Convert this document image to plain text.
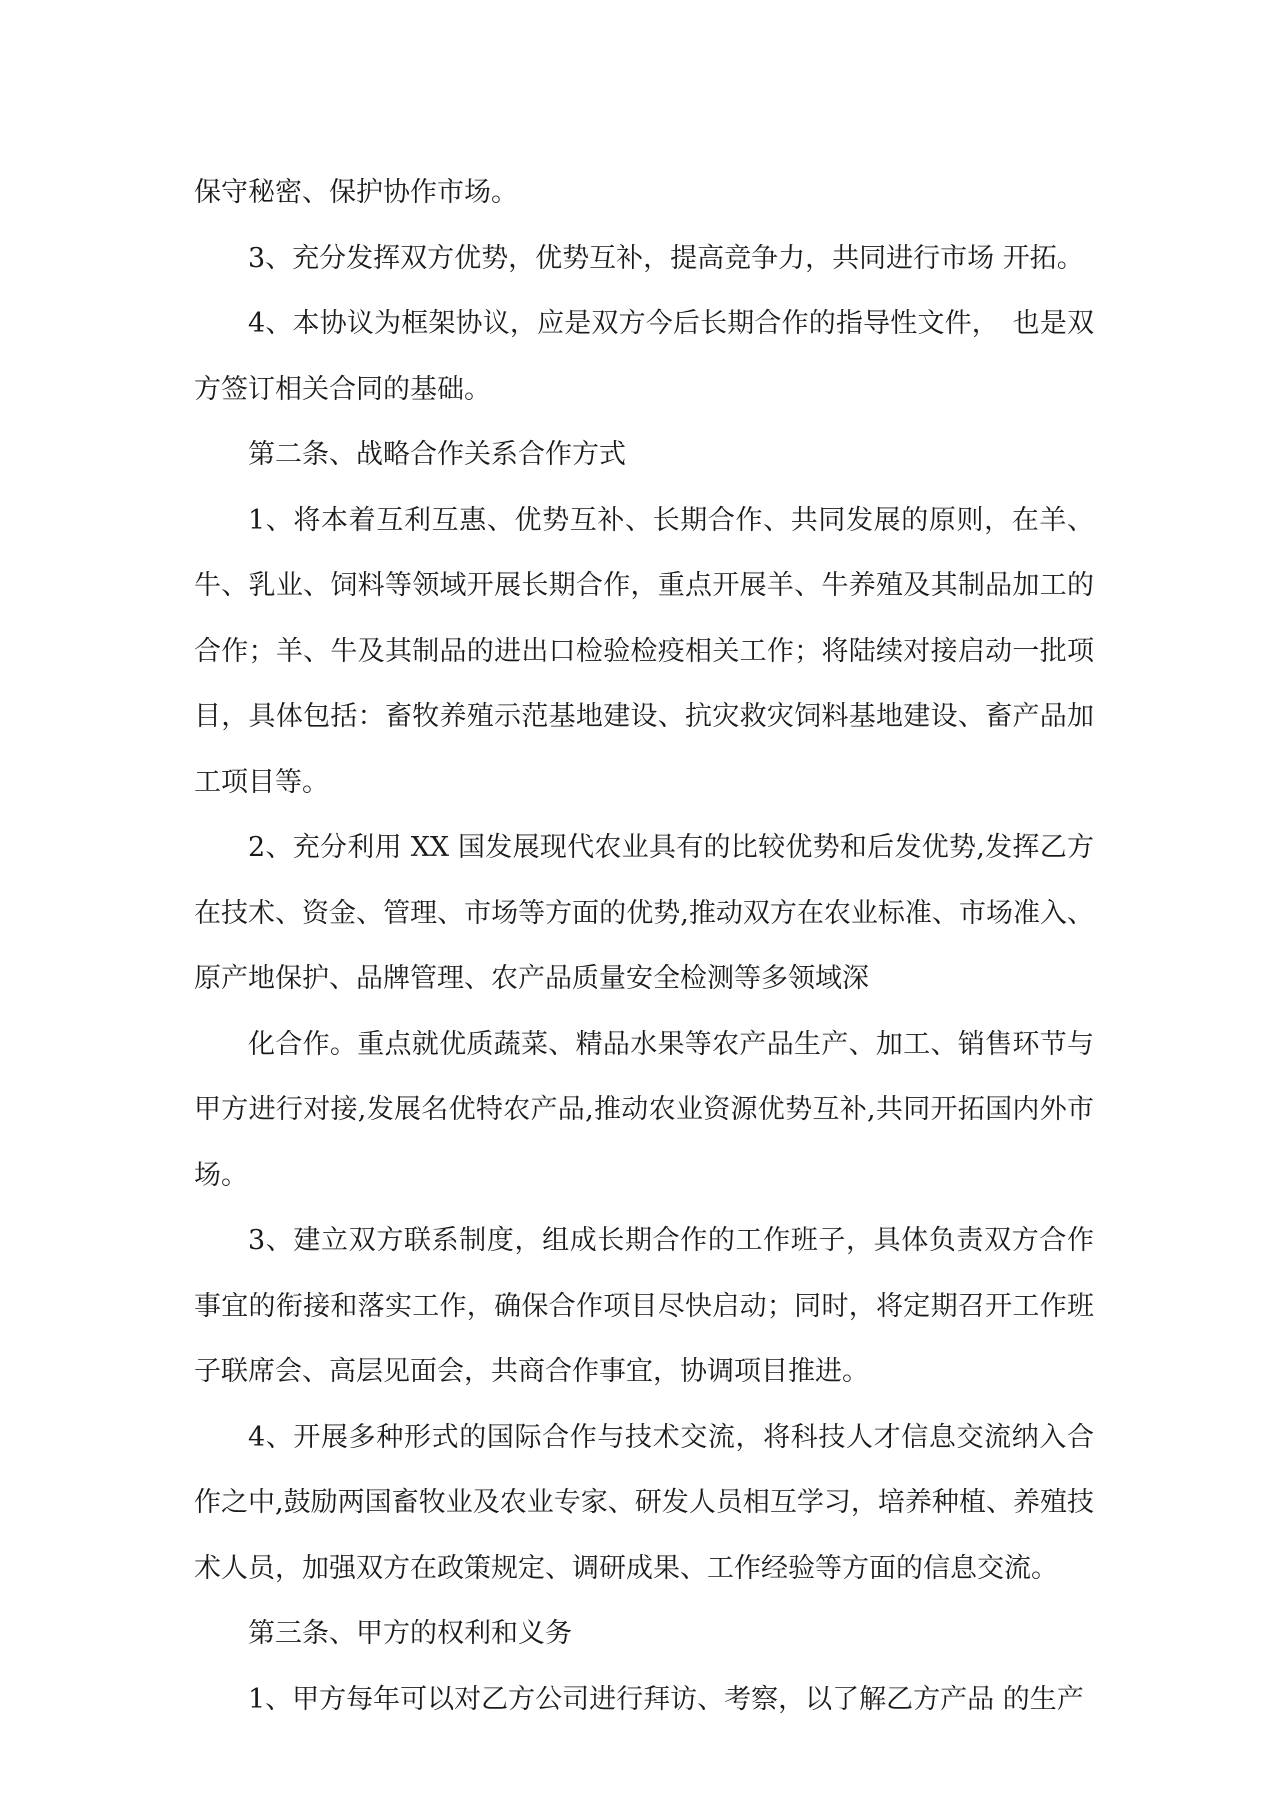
保守秘密、保护协作市场。

3、充分发挥双方优势，优势互补，提高竞争力，共同进行市场 开拓。

4、本协议为框架协议，应是双方今后长期合作的指导性文件，　也是双方签订相关合同的基础。

第二条、战略合作关系合作方式

1、将本着互利互惠、优势互补、长期合作、共同发展的原则，在羊、牛、乳业、饲料等领域开展长期合作，重点开展羊、牛养殖及其制品加工的合作；羊、牛及其制品的进出口检验检疫相关工作；将陆续对接启动一批项目，具体包括：畜牧养殖示范基地建设、抗灾救灾饲料基地建设、畜产品加工项目等。

2、充分利用 XX 国发展现代农业具有的比较优势和后发优势,发挥乙方在技术、资金、管理、市场等方面的优势,推动双方在农业标准、市场准入、原产地保护、品牌管理、农产品质量安全检测等多领域深

化合作。重点就优质蔬菜、精品水果等农产品生产、加工、销售环节与甲方进行对接,发展名优特农产品,推动农业资源优势互补,共同开拓国内外市场。

3、建立双方联系制度，组成长期合作的工作班子，具体负责双方合作事宜的衔接和落实工作，确保合作项目尽快启动；同时，将定期召开工作班子联席会、高层见面会，共商合作事宜，协调项目推进。

4、开展多种形式的国际合作与技术交流，将科技人才信息交流纳入合作之中,鼓励两国畜牧业及农业专家、研发人员相互学习，培养种植、养殖技术人员，加强双方在政策规定、调研成果、工作经验等方面的信息交流。

第三条、甲方的权利和义务

1、甲方每年可以对乙方公司进行拜访、考察，以了解乙方产品 的生产
